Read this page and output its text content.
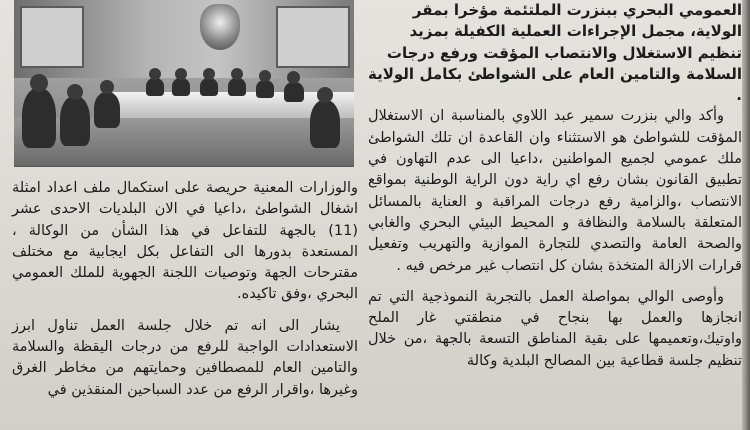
العمومي البحري ببنزرت الملتئمة مؤخرا بمقر

الولاية، مجمل الإجراءات العملية الكفيلة بمزيد

تنظيم الاستغلال والانتصاب المؤقت ورفع درجات

السلامة والتامين العام على الشواطئ بكامل الولاية .

وأكد والي بنزرت سمير عبد اللاوي بالمناسبة ان الاستغلال المؤقت للشواطئ هو الاستثناء وان القاعدة ان تلك الشواطئ ملك عمومي لجميع المواطنين ،داعيا الى عدم التهاون في تطبيق القانون بشان رفع اي راية دون الراية الوطنية بمواقع الانتصاب ،والزامية رفع درجات المراقبة و العناية بالمسائل المتعلقة بالسلامة والنظافة و المحيط البيئي البحري والغابي والصحة العامة والتصدي للتجارة الموازية والتهريب وتفعيل قرارات الازالة المتخذة بشان كل انتصاب غير مرخص فيه .

وأوصى الوالي بمواصلة العمل بالتجربة النموذجية التي تم انجازها والعمل بها بنجاح في منطقتي غار الملح واوتيك،وتعميمها على بقية المناطق التسعة بالجهة ،من خلال تنظيم جلسة قطاعية بين المصالح البلدية وكالة

والوزارات المعنية حريصة على استكمال ملف اعداد امثلة اشغال الشواطئ ،داعيا في الان البلديات الاحدى عشر (11) بالجهة للتفاعل في هذا الشأن من الوكالة ، المستعدة بدورها الى التفاعل بكل ايجابية مع مختلف مقترحات الجهة وتوصيات اللجنة الجهوية للملك العمومي البحري ،وفق تاكيده.

يشار الى انه تم خلال جلسة العمل تناول ابرز الاستعدادات الواجبة للرفع من درجات اليقظة والسلامة والتامين العام للمصطافين وحمايتهم من مخاطر الغرق وغيرها ،واقرار الرفع من عدد السباحين المنقذين في
